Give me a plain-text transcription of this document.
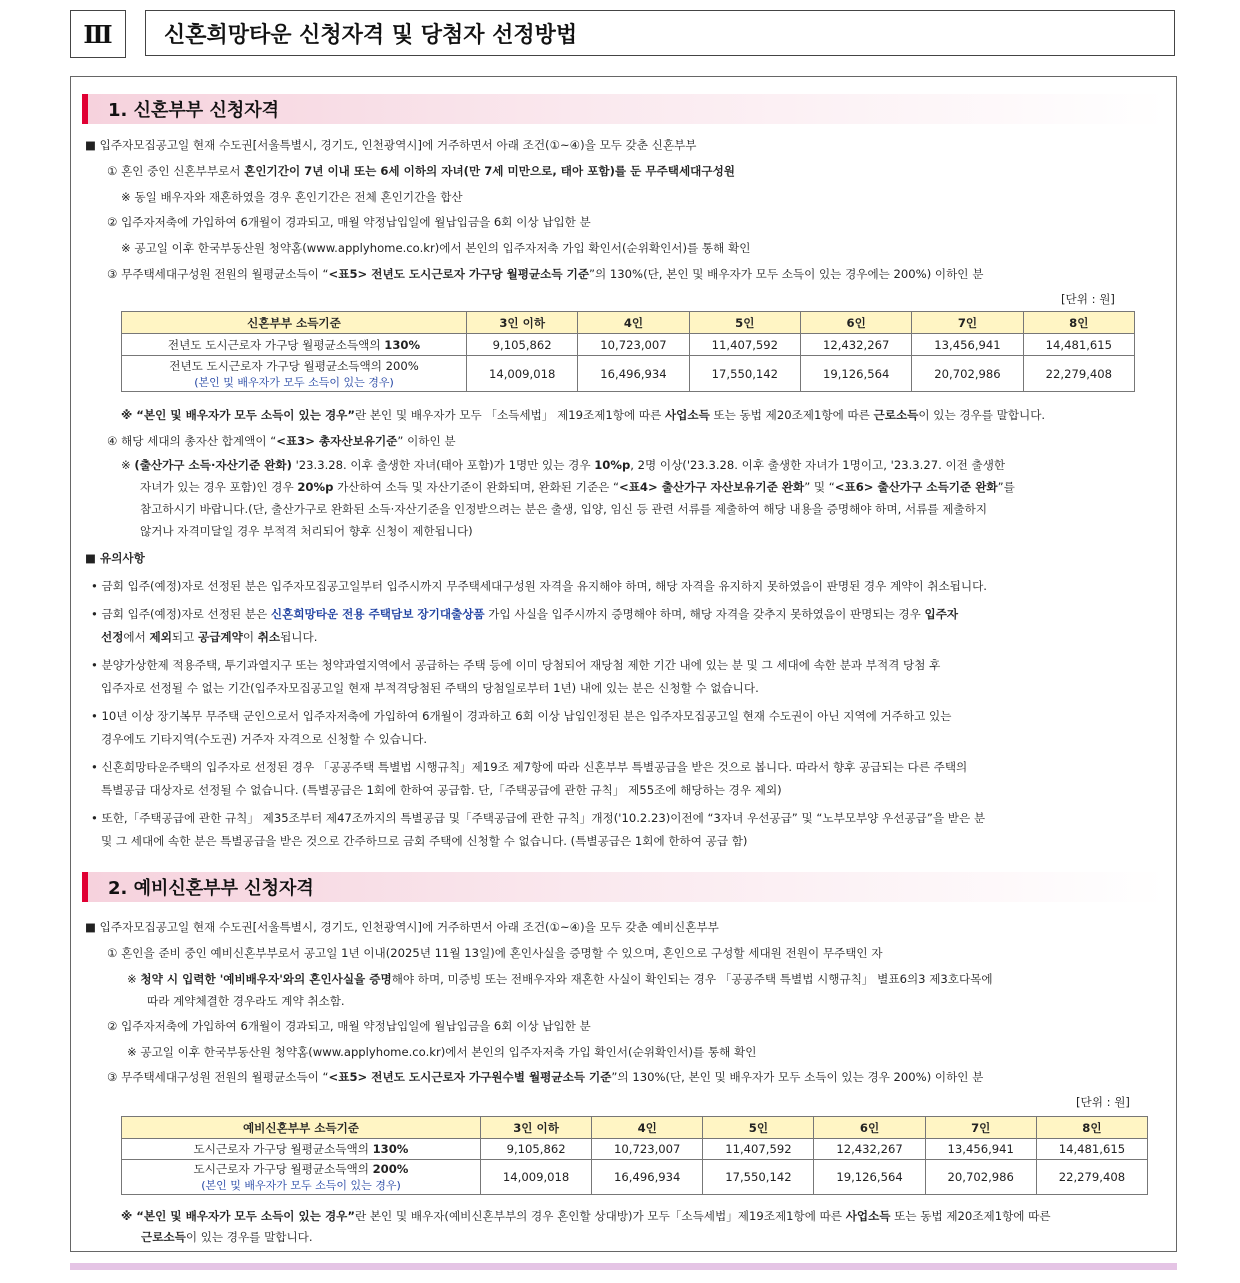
Ⅲ	신혼희망타운 신청자격 및 당첨자 선정방법
1. 신혼부부 신청자격
■ 입주자모집공고일 현재 수도권[서울특별시, 경기도, 인천광역시]에 거주하면서 아래 조건(①~④)을 모두 갖춘 신혼부부
① 혼인 중인 신혼부부로서 혼인기간이 7년 이내 또는 6세 이하의 자녀(만 7세 미만으로, 태아 포함)를 둔 무주택세대구성원
※ 동일 배우자와 재혼하였을 경우 혼인기간은 전체 혼인기간을 합산
② 입주자저축에 가입하여 6개월이 경과되고, 매월 약정납입일에 월납입금을 6회 이상 납입한 분
※ 공고일 이후 한국부동산원 청약홈(www.applyhome.co.kr)에서 본인의 입주자저축 가입 확인서(순위확인서)를 통해 확인
③ 무주택세대구성원 전원의 월평균소득이 “<표5> 전년도 도시근로자 가구당 월평균소득 기준”의 130%(단, 본인 및 배우자가 모두 소득이 있는 경우에는 200%) 이하인 분
[단위 : 원]
신혼부부 소득기준	3인 이하	4인	5인	6인	7인	8인
전년도 도시근로자 가구당 월평균소득액의 130%	9,105,862	10,723,007	11,407,592	12,432,267	13,456,941	14,481,615

전년도 도시근로자 가구당 월평균소득액의 200%
(본인 및 배우자가 모두 소득이 있는 경우)	14,009,018	16,496,934	17,550,142	19,126,564	20,702,986	22,279,408
※ “본인 및 배우자가 모두 소득이 있는 경우”란 본인 및 배우자가 모두 「소득세법」 제19조제1항에 따른 사업소득 또는 동법 제20조제1항에 따른 근로소득이 있는 경우를 말합니다.
④ 해당 세대의 총자산 합계액이 “<표3> 총자산보유기준” 이하인 분
※ (출산가구 소득·자산기준 완화) '23.3.28. 이후 출생한 자녀(태아 포함)가 1명만 있는 경우 10%p, 2명 이상('23.3.28. 이후 출생한 자녀가 1명이고, '23.3.27. 이전 출생한
자녀가 있는 경우 포함)인 경우 20%p 가산하여 소득 및 자산기준이 완화되며, 완화된 기준은 “<표4> 출산가구 자산보유기준 완화” 및 “<표6> 출산가구 소득기준 완화”를
참고하시기 바랍니다.(단, 출산가구로 완화된 소득·자산기준을 인정받으려는 분은 출생, 입양, 임신 등 관련 서류를 제출하여 해당 내용을 증명해야 하며, 서류를 제출하지
않거나 자격미달일 경우 부적격 처리되어 향후 신청이 제한됩니다)
■ 유의사항
• 금회 입주(예정)자로 선정된 분은 입주자모집공고일부터 입주시까지 무주택세대구성원 자격을 유지해야 하며, 해당 자격을 유지하지 못하였음이 판명된 경우 계약이 취소됩니다.
• 금회 입주(예정)자로 선정된 분은 신혼희망타운 전용 주택담보 장기대출상품 가입 사실을 입주시까지 증명해야 하며, 해당 자격을 갖추지 못하였음이 판명되는 경우 입주자
선정에서 제외되고 공급계약이 취소됩니다.
• 분양가상한제 적용주택, 투기과열지구 또는 청약과열지역에서 공급하는 주택 등에 이미 당첨되어 재당첨 제한 기간 내에 있는 분 및 그 세대에 속한 분과 부적격 당첨 후
입주자로 선정될 수 없는 기간(입주자모집공고일 현재 부적격당첨된 주택의 당첨일로부터 1년) 내에 있는 분은 신청할 수 없습니다.
• 10년 이상 장기복무 무주택 군인으로서 입주자저축에 가입하여 6개월이 경과하고 6회 이상 납입인정된 분은 입주자모집공고일 현재 수도권이 아닌 지역에 거주하고 있는
경우에도 기타지역(수도권) 거주자 자격으로 신청할 수 있습니다.
• 신혼희망타운주택의 입주자로 선정된 경우 「공공주택 특별법 시행규칙」제19조 제7항에 따라 신혼부부 특별공급을 받은 것으로 봅니다. 따라서 향후 공급되는 다른 주택의
특별공급 대상자로 선정될 수 없습니다. (특별공급은 1회에 한하여 공급함. 단,「주택공급에 관한 규칙」 제55조에 해당하는 경우 제외)
• 또한,「주택공급에 관한 규칙」 제35조부터 제47조까지의 특별공급 및「주택공급에 관한 규칙」개정('10.2.23)이전에 “3자녀 우선공급” 및 “노부모부양 우선공급”을 받은 분
및 그 세대에 속한 분은 특별공급을 받은 것으로 간주하므로 금회 주택에 신청할 수 없습니다. (특별공급은 1회에 한하여 공급 함)
2. 예비신혼부부 신청자격
■ 입주자모집공고일 현재 수도권[서울특별시, 경기도, 인천광역시]에 거주하면서 아래 조건(①~④)을 모두 갖춘 예비신혼부부
① 혼인을 준비 중인 예비신혼부부로서 공고일 1년 이내(2025년 11월 13일)에 혼인사실을 증명할 수 있으며, 혼인으로 구성할 세대원 전원이 무주택인 자
※ 청약 시 입력한 '예비배우자'와의 혼인사실을 증명해야 하며, 미증빙 또는 전배우자와 재혼한 사실이 확인되는 경우 「공공주택 특별법 시행규칙」 별표6의3 제3호다목에
따라 계약체결한 경우라도 계약 취소함.
② 입주자저축에 가입하여 6개월이 경과되고, 매월 약정납입일에 월납입금을 6회 이상 납입한 분
※ 공고일 이후 한국부동산원 청약홈(www.applyhome.co.kr)에서 본인의 입주자저축 가입 확인서(순위확인서)를 통해 확인
③ 무주택세대구성원 전원의 월평균소득이 “<표5> 전년도 도시근로자 가구원수별 월평균소득 기준”의 130%(단, 본인 및 배우자가 모두 소득이 있는 경우 200%) 이하인 분
[단위 : 원]
예비신혼부부 소득기준	3인 이하	4인	5인	6인	7인	8인
도시근로자 가구당 월평균소득액의 130%	9,105,862	10,723,007	11,407,592	12,432,267	13,456,941	14,481,615

도시근로자 가구당 월평균소득액의 200%
(본인 및 배우자가 모두 소득이 있는 경우)	14,009,018	16,496,934	17,550,142	19,126,564	20,702,986	22,279,408
※ “본인 및 배우자가 모두 소득이 있는 경우”란 본인 및 배우자(예비신혼부부의 경우 혼인할 상대방)가 모두「소득세법」제19조제1항에 따른 사업소득 또는 동법 제20조제1항에 따른
근로소득이 있는 경우를 말합니다.
